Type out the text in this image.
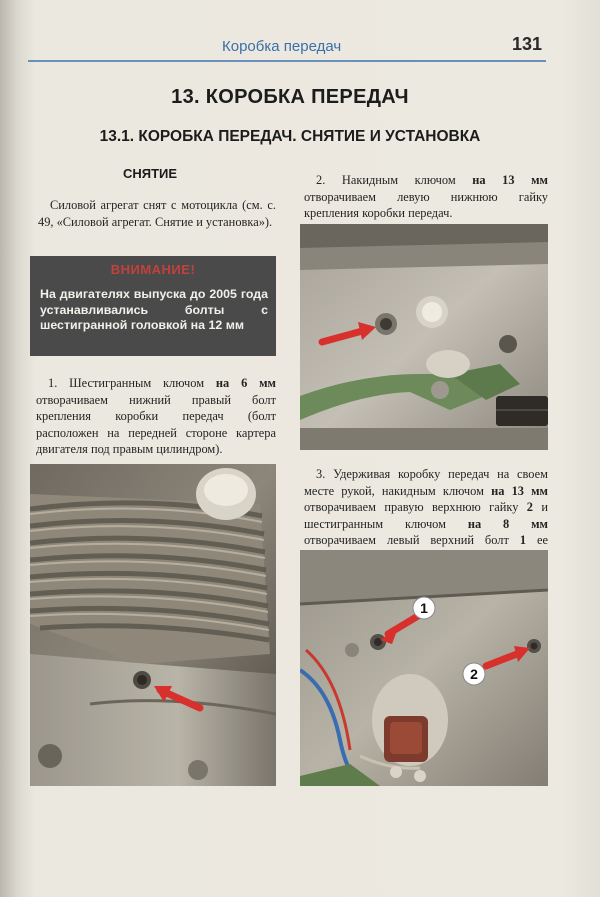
Коробка передач	131
13. КОРОБКА ПЕРЕДАЧ
13.1. КОРОБКА ПЕРЕДАЧ. СНЯТИЕ И УСТАНОВКА
СНЯТИЕ
Силовой агрегат снят с мотоцикла (см. с. 49, «Силовой агрегат. Снятие и установка»).
ВНИМАНИЕ!
На двигателях выпуска до 2005 года устанавливались болты с шестигранной головкой на 12 мм
1. Шестигранным ключом на 6 мм отворачиваем нижний правый болт крепления коробки передач (болт расположен на передней стороне картера двигателя под правым цилиндром).
2. Накидным ключом на 13 мм отворачиваем левую нижнюю гайку крепления коробки передач.
3. Удерживая коробку передач на своем месте рукой, накидным ключом на 13 мм отворачиваем правую верхнюю гайку 2 и шестигранным ключом на 8 мм отворачиваем левый верхний болт 1 ее
1
2
